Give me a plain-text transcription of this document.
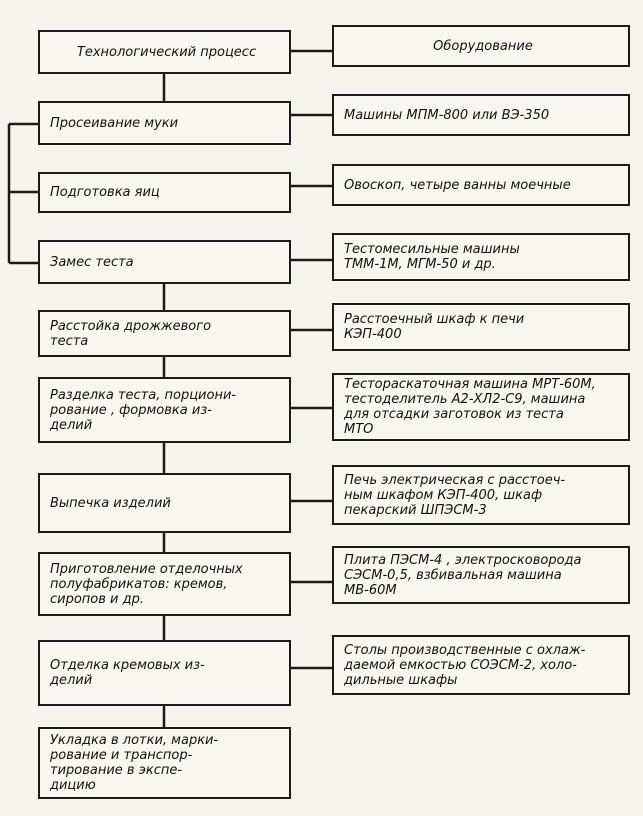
Технологический процесс	Оборудование
Просеивание муки
Машины МПМ-800 или ВЭ-350
Подготовка яиц	Овоскоп, четыре ванны моечные
Замес теста
Тестомесильные машины
ТММ-1М, МГМ-50 и др.
Расстойка дрожжевого
теста
Расстоечный шкаф к печи
КЭП-400
Разделка теста, порциони-
рование , формовка из-
делий
Тестораскаточная машина МРТ-60М,
тестоделитель А2-ХЛ2-С9, машина
для отсадки заготовок из теста
МТО
Выпечка изделий
Печь электрическая с расстоеч-
ным шкафом КЭП-400, шкаф
пекарский ШПЭСМ-3
Приготовление отделочных
полуфабрикатов: кремов,
сиропов и др.
Плита ПЭСМ-4 , электросковорода
СЭСМ-0,5, взбивальная машина
МВ-60М
Отделка кремовых из-
делий
Столы производственные с охлаж-
даемой емкостью СОЭСМ-2, холо-
дильные шкафы
Укладка в лотки, марки-
рование и транспор-
тирование в экспе-
дицию
